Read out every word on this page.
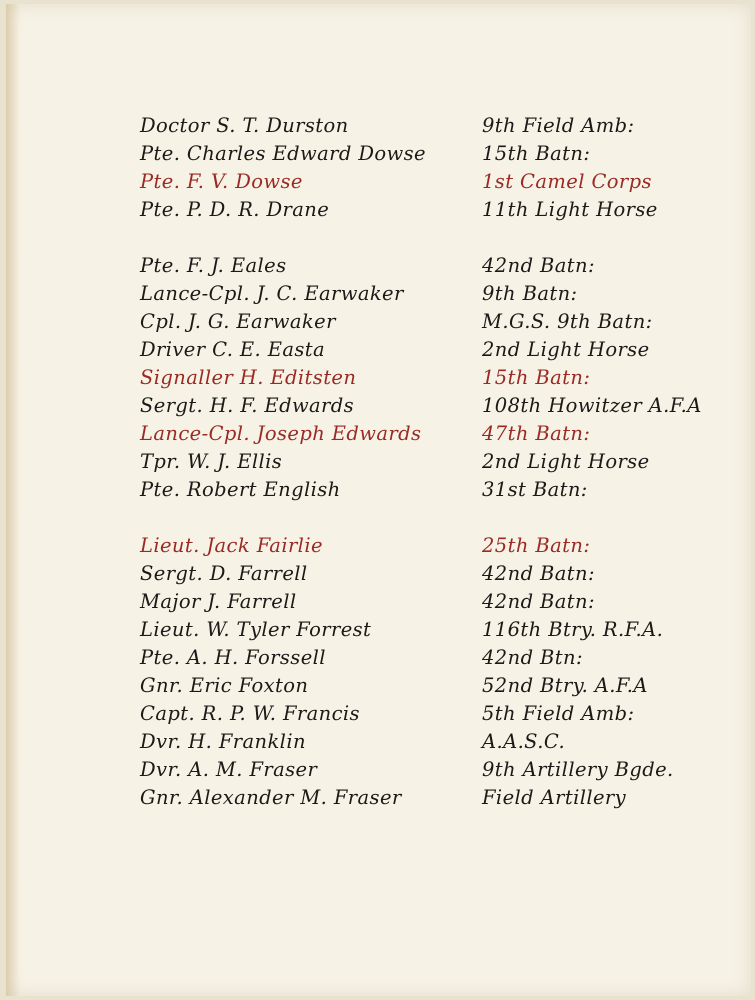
Doctor S. T. Durston	9th Field Amb:
Pte. Charles Edward Dowse	15th Batn:
Pte. F. V. Dowse	1st Camel Corps
Pte. P. D. R. Drane	11th Light Horse
Pte. F. J. Eales	42nd Batn:
Lance-Cpl. J. C. Earwaker	9th Batn:
Cpl. J. G. Earwaker	M.G.S. 9th Batn:
Driver C. E. Easta	2nd Light Horse
Signaller H. Editsten	15th Batn:
Sergt. H. F. Edwards	108th Howitzer A.F.A
Lance-Cpl. Joseph Edwards	47th Batn:
Tpr. W. J. Ellis	2nd Light Horse
Pte. Robert English	31st Batn:
Lieut. Jack Fairlie	25th Batn:
Sergt. D. Farrell	42nd Batn:
Major J. Farrell	42nd Batn:
Lieut. W. Tyler Forrest	116th Btry. R.F.A.
Pte. A. H. Forssell	42nd Btn:
Gnr. Eric Foxton	52nd Btry. A.F.A
Capt. R. P. W. Francis	5th Field Amb:
Dvr. H. Franklin	A.A.S.C.
Dvr. A. M. Fraser	9th Artillery Bgde.
Gnr. Alexander M. Fraser	Field Artillery
